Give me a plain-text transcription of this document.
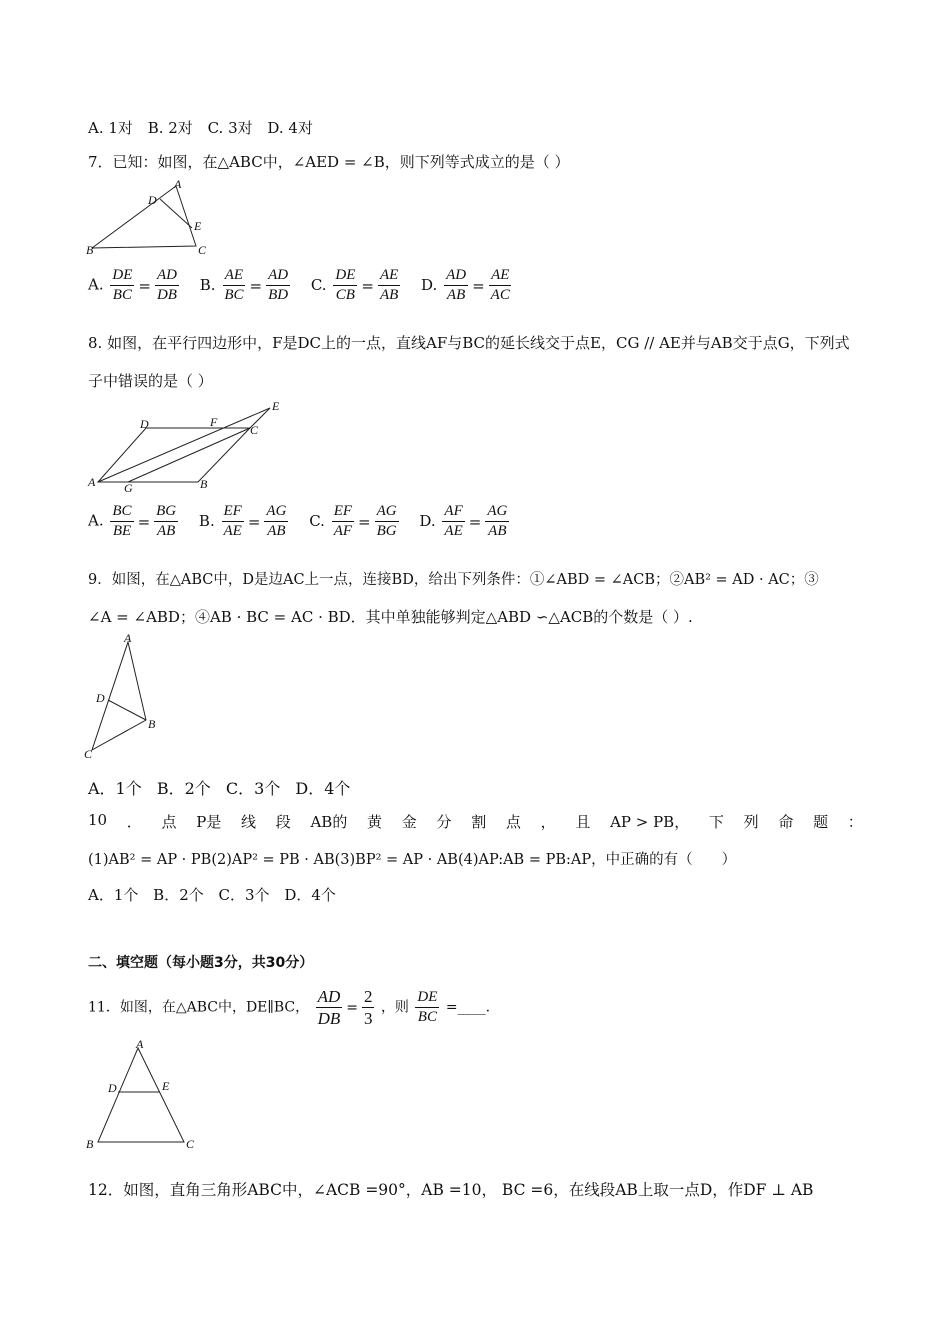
A. 1对 B. 2对 C. 3对 D. 4对
7．已知：如图，在△ABC中，∠AED = ∠B，则下列等式成立的是（ ）
A
D
E
B	C
A. $\frac{DE}{BC} = \frac{AD}{DB} B$. $\frac{AE}{BC} = \frac{AD}{BD} C$. $\frac{DE}{CB} = \frac{AE}{AB} D$. $\frac{AD}{AB} = \frac{AE}{AC}$
8. 如图，在平行四边形中，F是DC上的一点，直线AF与BC的延长线交于点E，CG // AE并与AB交于点G，下列式
子中错误的是（ ）
D	F
C
E
A G	B
A. $\frac{BC}{BE} = \frac{BG}{AB} B$. $\frac{EF}{AE} = \frac{AG}{AB} C$. $\frac{EF}{AF} = \frac{AG}{BG} D$. $\frac{AF}{AE} = \frac{AG}{AB}$
9．如图，在△ABC中，D是边AC上一点，连接BD，给出下列条件：①∠ABD = ∠ACB；②AB² = AD · AC；③
∠A = ∠ABD；④AB · BC = AC · BD．其中单独能够判定△ABD ∽△ACB的个数是（ ）.
A
D
B
C
A．1个 B．2个 C．3个 D．4个
10 ． 点 P是 线 段 AB的 黄 金 分 割 点 ， 且 AP > PB， 下 列 命 题 ：
(1)AB² = AP · PB(2)AP² = PB · AB(3)BP² = AP · AB(4)AP:AB = PB:AP，中正确的有（　　）
A．1个 B．2个 C．3个 D．4个
二、填空题（每小题3分，共30分）
11．如图，在△ABC中，DE∥BC， $\frac{AD}{DB} = \frac{2}{3}$ ，则 $\frac{DE}{BC}$ =____.
A
D	E
B	C
12．如图，直角三角形ABC中，∠ACB =90°，AB =10， BC =6，在线段AB上取一点D，作DF ⊥ AB
